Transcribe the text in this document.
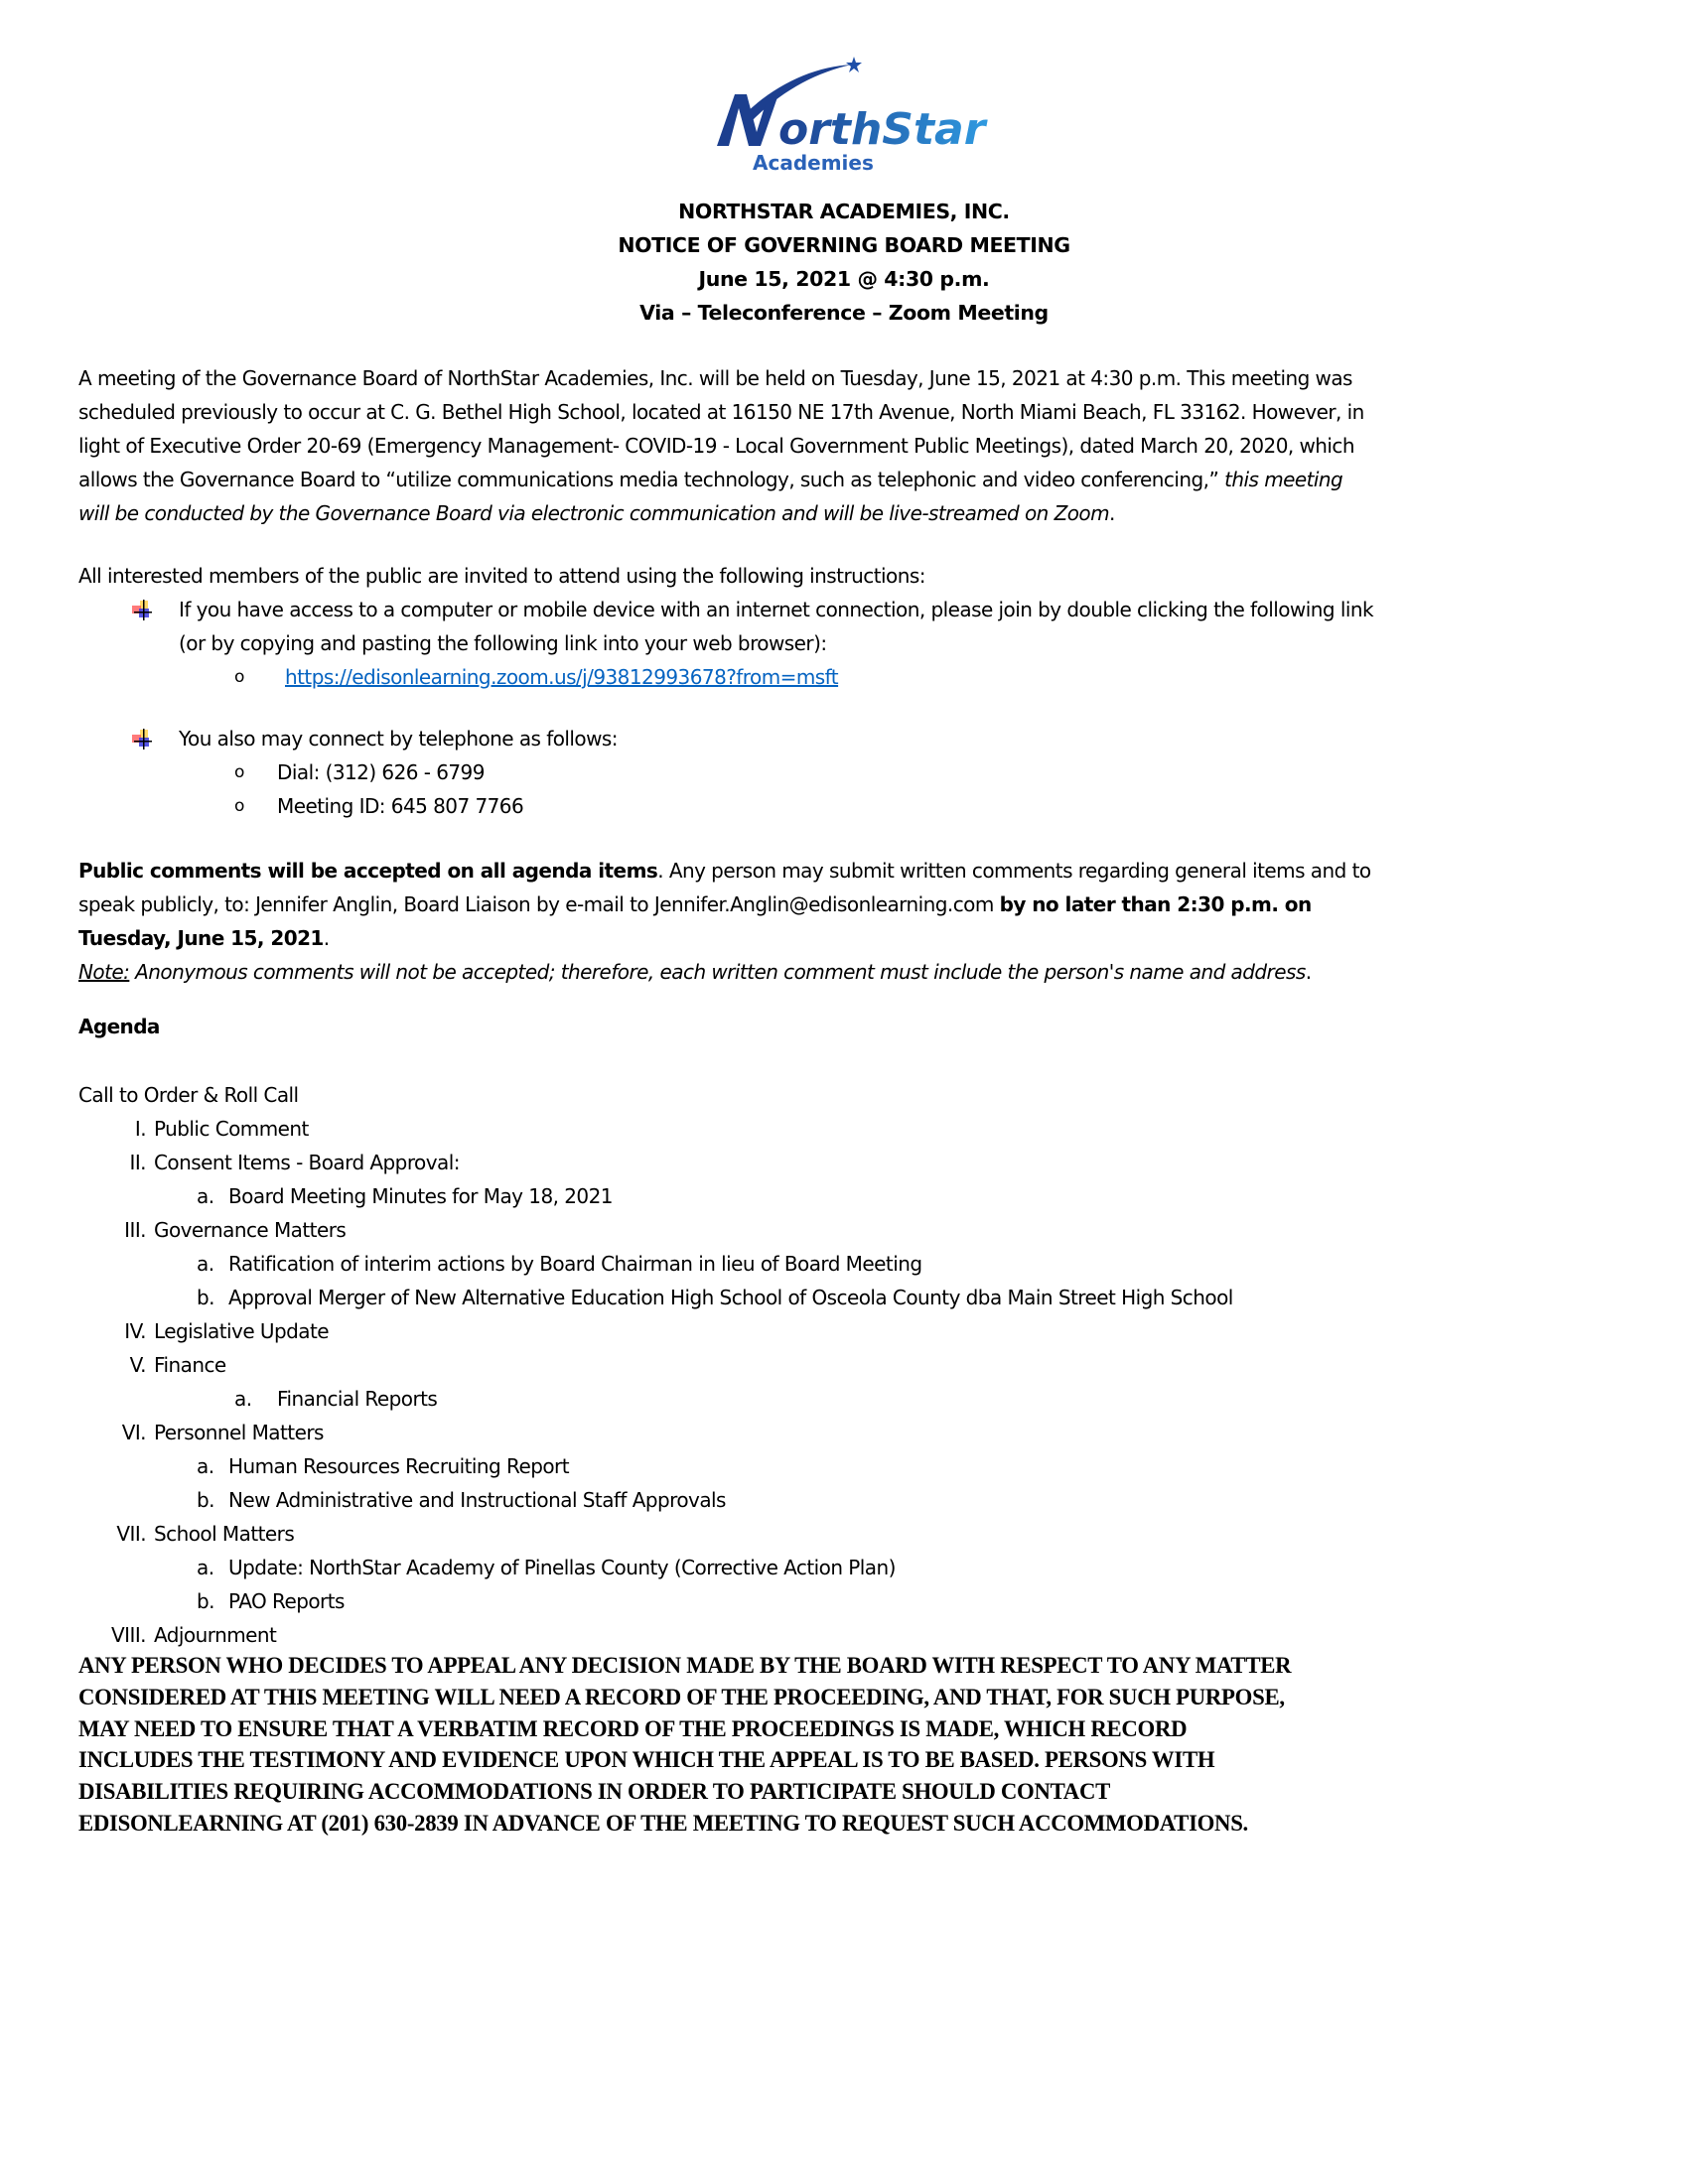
orthStar
Academies
NORTHSTAR ACADEMIES, INC.
NOTICE OF GOVERNING BOARD MEETING
June 15, 2021 @ 4:30 p.m.
Via – Teleconference – Zoom Meeting
A meeting of the Governance Board of NorthStar Academies, Inc. will be held on Tuesday, June 15, 2021 at 4:30 p.m. This meeting was
scheduled previously to occur at C. G. Bethel High School, located at 16150 NE 17th Avenue, North Miami Beach, FL 33162. However, in
light of Executive Order 20-69 (Emergency Management- COVID-19 - Local Government Public Meetings), dated March 20, 2020, which
allows the Governance Board to “utilize communications media technology, such as telephonic and video conferencing,” this meeting
will be conducted by the Governance Board via electronic communication and will be live-streamed on Zoom.
All interested members of the public are invited to attend using the following instructions:
If you have access to a computer or mobile device with an internet connection, please join by double clicking the following link
(or by copying and pasting the following link into your web browser):
o https://edisonlearning.zoom.us/j/93812993678?from=msft
You also may connect by telephone as follows:
o Dial: (312) 626 - 6799
o Meeting ID: 645 807 7766
Public comments will be accepted on all agenda items. Any person may submit written comments regarding general items and to
speak publicly, to: Jennifer Anglin, Board Liaison by e-mail to Jennifer.Anglin@edisonlearning.com by no later than 2:30 p.m. on
Tuesday, June 15, 2021.
Note: Anonymous comments will not be accepted; therefore, each written comment must include the person's name and address.
Agenda
Call to Order & Roll Call
I. Public Comment
II. Consent Items - Board Approval:
a. Board Meeting Minutes for May 18, 2021
III. Governance Matters
a. Ratification of interim actions by Board Chairman in lieu of Board Meeting
b. Approval Merger of New Alternative Education High School of Osceola County dba Main Street High School
IV. Legislative Update
V. Finance
a. Financial Reports
VI. Personnel Matters
a. Human Resources Recruiting Report
b. New Administrative and Instructional Staff Approvals
VII. School Matters
a. Update: NorthStar Academy of Pinellas County (Corrective Action Plan)
b. PAO Reports
VIII. Adjournment
ANY PERSON WHO DECIDES TO APPEAL ANY DECISION MADE BY THE BOARD WITH RESPECT TO ANY MATTER
CONSIDERED AT THIS MEETING WILL NEED A RECORD OF THE PROCEEDING, AND THAT, FOR SUCH PURPOSE,
MAY NEED TO ENSURE THAT A VERBATIM RECORD OF THE PROCEEDINGS IS MADE, WHICH RECORD
INCLUDES THE TESTIMONY AND EVIDENCE UPON WHICH THE APPEAL IS TO BE BASED. PERSONS WITH
DISABILITIES REQUIRING ACCOMMODATIONS IN ORDER TO PARTICIPATE SHOULD CONTACT
EDISONLEARNING AT (201) 630-2839 IN ADVANCE OF THE MEETING TO REQUEST SUCH ACCOMMODATIONS.
